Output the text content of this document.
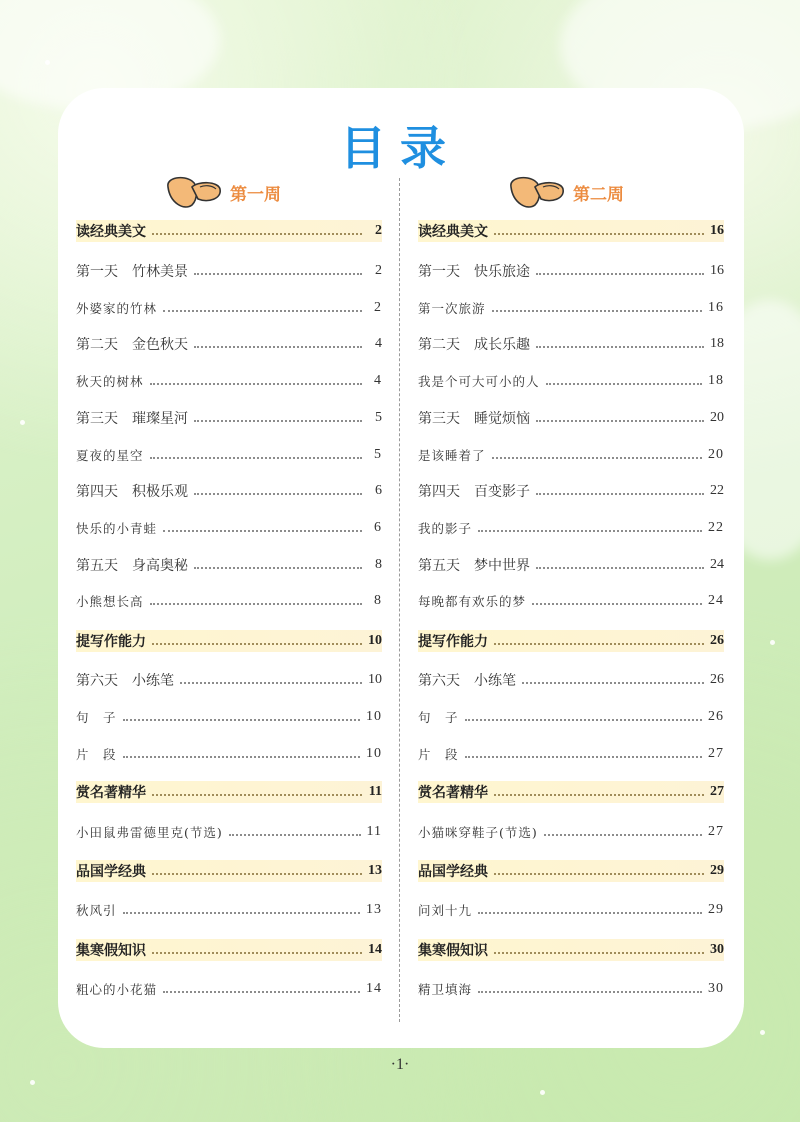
目录
第一周
读经典美文	2
第一天　竹林美景	2
外婆家的竹林	2
第二天　金色秋天	4
秋天的树林	4
第三天　璀璨星河	5
夏夜的星空	5
第四天　积极乐观	6
快乐的小青蛙	6
第五天　身高奥秘	8
小熊想长高	8
提写作能力	10
第六天　小练笔	10
句　子	10
片　段	10
赏名著精华	11
小田鼠弗雷德里克(节选)	11
品国学经典	13
秋风引	13
集寒假知识	14
粗心的小花猫	14
第二周
读经典美文	16
第一天　快乐旅途	16
第一次旅游	16
第二天　成长乐趣	18
我是个可大可小的人	18
第三天　睡觉烦恼	20
是该睡着了	20
第四天　百变影子	22
我的影子	22
第五天　梦中世界	24
每晚都有欢乐的梦	24
提写作能力	26
第六天　小练笔	26
句　子	26
片　段	27
赏名著精华	27
小猫咪穿鞋子(节选)	27
品国学经典	29
问刘十九	29
集寒假知识	30
精卫填海	30
·1·
